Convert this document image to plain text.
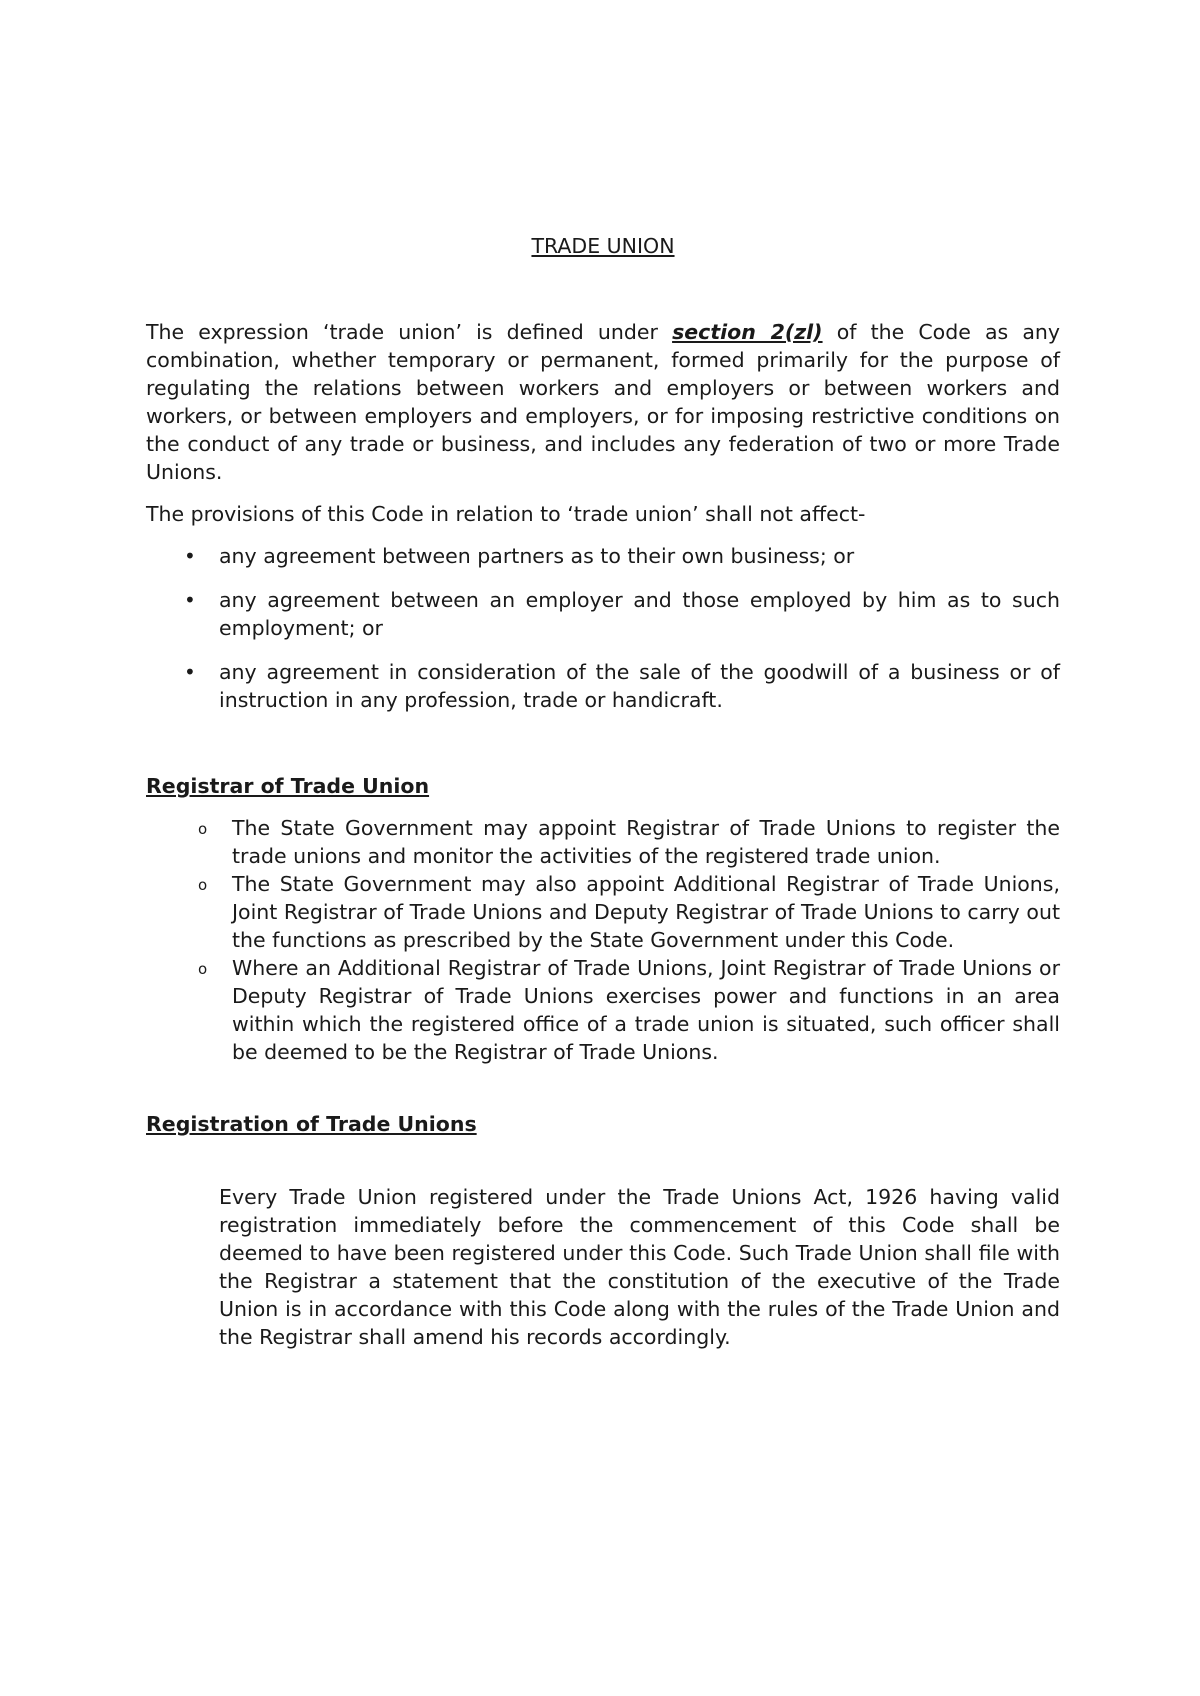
TRADE UNION

The expression ‘trade union’ is defined under section 2(zl) of the Code as any combination, whether temporary or permanent, formed primarily for the purpose of regulating the relations between workers and employers or between workers and workers, or between employers and employers, or for imposing restrictive conditions on the conduct of any trade or business, and includes any federation of two or more Trade Unions.

The provisions of this Code in relation to ‘trade union’ shall not affect-

• any agreement between partners as to their own business; or
• any agreement between an employer and those employed by him as to such employment; or
• any agreement in consideration of the sale of the goodwill of a business or of instruction in any profession, trade or handicraft.
Registrar of Trade Union
o The State Government may appoint Registrar of Trade Unions to register the trade unions and monitor the activities of the registered trade union.
o The State Government may also appoint Additional Registrar of Trade Unions, Joint Registrar of Trade Unions and Deputy Registrar of Trade Unions to carry out the functions as prescribed by the State Government under this Code.
o Where an Additional Registrar of Trade Unions, Joint Registrar of Trade Unions or Deputy Registrar of Trade Unions exercises power and functions in an area within which the registered office of a trade union is situated, such officer shall be deemed to be the Registrar of Trade Unions.
Registration of Trade Unions

Every Trade Union registered under the Trade Unions Act, 1926 having valid registration immediately before the commencement of this Code shall be deemed to have been registered under this Code. Such Trade Union shall file with the Registrar a statement that the constitution of the executive of the Trade Union is in accordance with this Code along with the rules of the Trade Union and the Registrar shall amend his records accordingly.
